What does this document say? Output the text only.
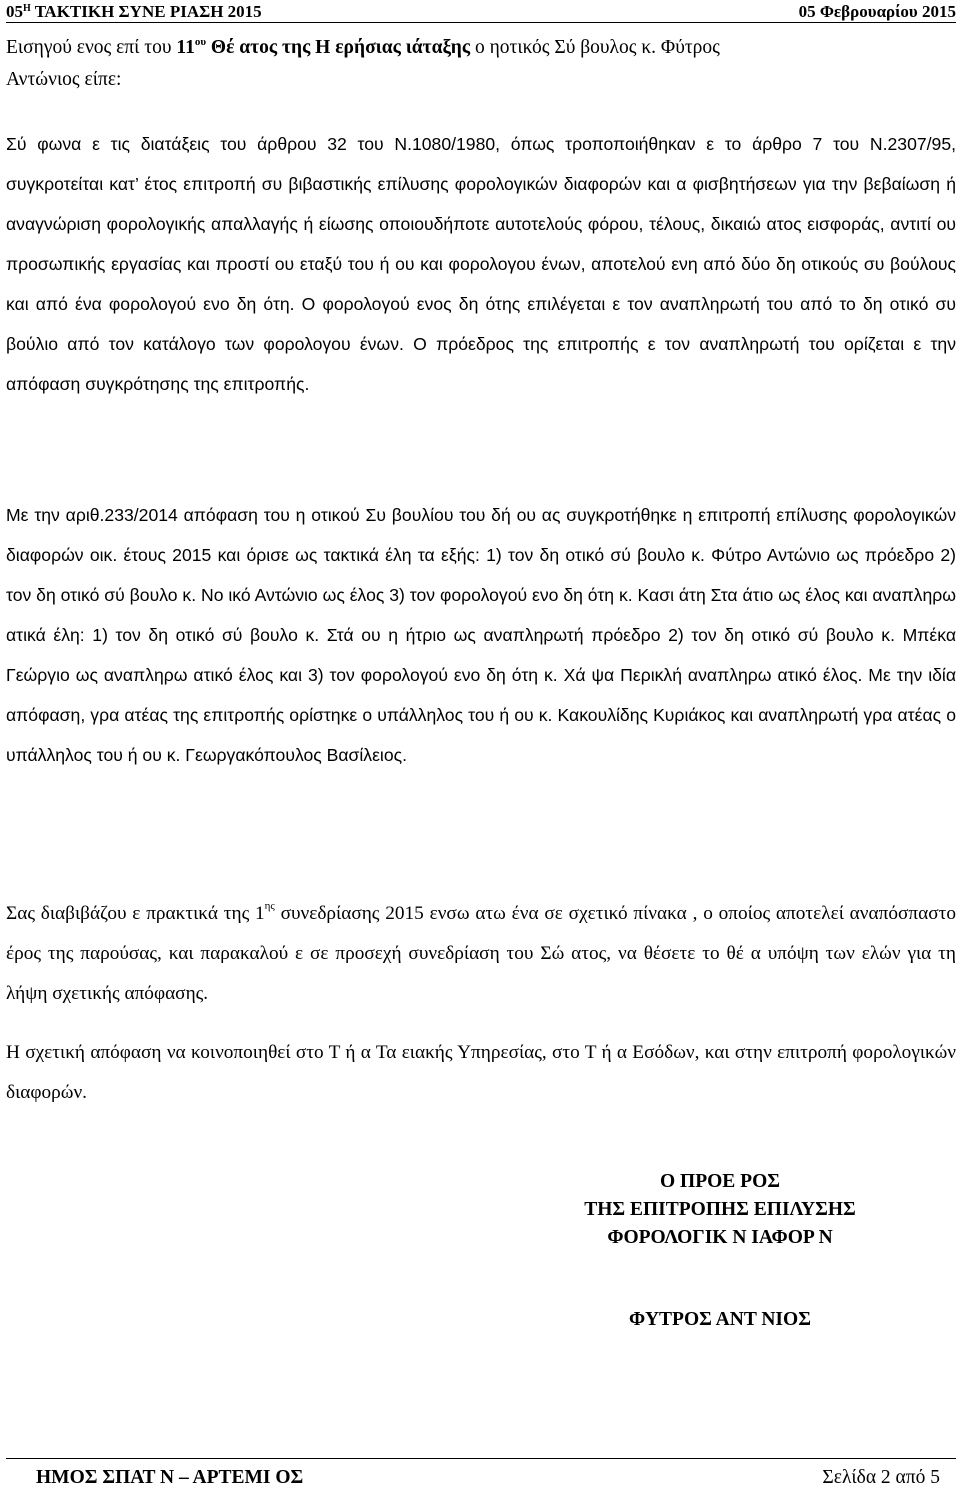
$05^H$ ΤΑΚΤΙΚΗ ΣΥΝΕ ΡΙΑΣΗ 2015	05 Φεβρουαρίου 2015
Εισηγού ενος επί του $11^{o\upsilon}$ Θέ ατος της Η ερήσιας ιάταξης ο ηοτικός Σύ βουλος κ. Φύτρος
Αντώνιος είπε:

Σύ φωνα ε τις διατάξεις του άρθρου 32 του Ν.1080/1980, όπως τροποποιήθηκαν ε το άρθρο 7 του Ν.2307/95, συγκροτείται κατ’ έτος επιτροπή συ βιβαστικής επίλυσης φορολογικών διαφορών και α φισβητήσεων για την βεβαίωση ή αναγνώριση φορολογικής απαλλαγής ή είωσης οποιουδήποτε αυτοτελούς φόρου, τέλους, δικαιώ ατος εισφοράς, αντιτί ου προσωπικής εργασίας και προστί ου εταξύ του ή ου και φορολογου ένων, αποτελού ενη από δύο δη οτικούς συ βούλους και από ένα φορολογού ενο δη ότη. Ο φορολογού ενος δη ότης επιλέγεται ε τον αναπληρωτή του από το δη οτικό συ βούλιο από τον κατάλογο των φορολογου ένων. Ο πρόεδρος της επιτροπής ε τον αναπληρωτή του ορίζεται ε την απόφαση συγκρότησης της επιτροπής.

Με την αριθ.233/2014 απόφαση του η οτικού Συ βουλίου του δή ου ας συγκροτήθηκε η επιτροπή επίλυσης φορολογικών διαφορών οικ. έτους 2015 και όρισε ως τακτικά έλη τα εξής: 1) τον δη οτικό σύ βουλο κ. Φύτρο Αντώνιο ως πρόεδρο 2) τον δη οτικό σύ βουλο κ. Νο ικό Αντώνιο ως έλος 3) τον φορολογού ενο δη ότη κ. Κασι άτη Στα άτιο ως έλος και αναπληρω ατικά έλη: 1) τον δη οτικό σύ βουλο κ. Στά ου η ήτριο ως αναπληρωτή πρόεδρο 2) τον δη οτικό σύ βουλο κ. Μπέκα Γεώργιο ως αναπληρω ατικό έλος και 3) τον φορολογού ενο δη ότη κ. Χά ψα Περικλή αναπληρω ατικό έλος. Με την ιδία απόφαση, γρα ατέας της επιτροπής ορίστηκε ο υπάλληλος του ή ου κ. Κακουλίδης Κυριάκος και αναπληρωτή γρα ατέας ο υπάλληλος του ή ου κ. Γεωργακόπουλος Βασίλειος.

Σας διαβιβάζου ε πρακτικά της $1^{\eta\varsigma}$ συνεδρίασης 2015 ενσω ατω ένα σε σχετικό πίνακα , ο οποίος αποτελεί αναπόσπαστο έρος της παρούσας, και παρακαλού ε σε προσεχή συνεδρίαση του Σώ ατος, να θέσετε το θέ α υπόψη των ελών για τη λήψη σχετικής απόφασης.

Η σχετική απόφαση να κοινοποιηθεί στο Τ ή α Τα ειακής Υπηρεσίας, στο Τ ή α Εσόδων, και στην επιτροπή φορολογικών διαφορών.

Ο ΠΡΟΕ ΡΟΣ
ΤΗΣ ΕΠΙΤΡΟΠΗΣ ΕΠΙΛΥΣΗΣ
ΦΟΡΟΛΟΓΙΚ Ν ΙΑΦΟΡ Ν
ΦΥΤΡΟΣ ΑΝΤ ΝΙΟΣ
ΗΜΟΣ ΣΠΑΤ Ν – ΑΡΤΕΜΙ ΟΣ	Σελίδα 2 από 5
